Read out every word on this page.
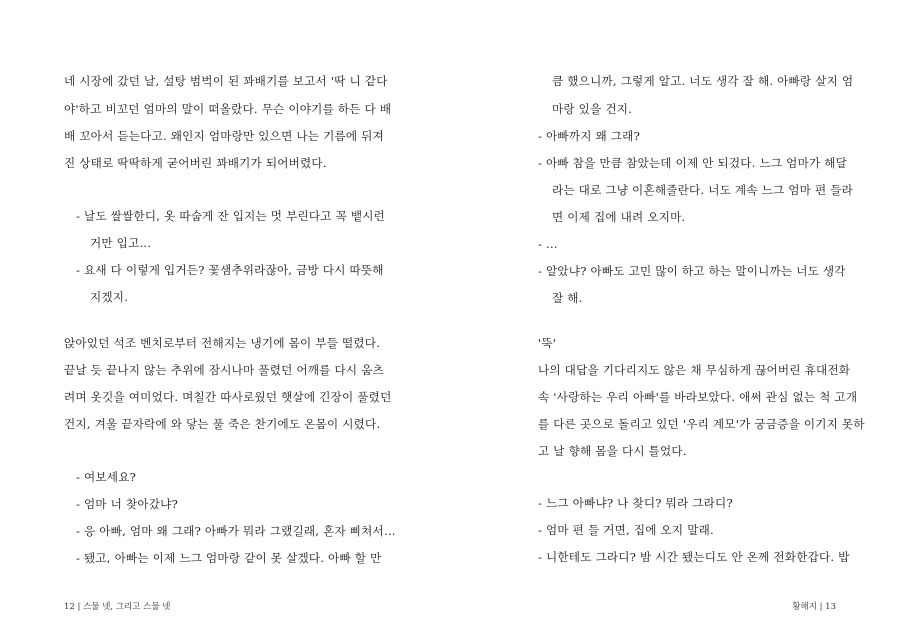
네 시장에 갔던 날, 설탕 범벅이 된 꽈배기를 보고서 '딱 니 같다
야'하고 비꼬던 엄마의 말이 떠올랐다. 무슨 이야기를 하든 다 배
배 꼬아서 듣는다고. 왜인지 엄마랑만 있으면 나는 기름에 뒤져
진 상태로 딱딱하게 굳어버린 꽈배기가 되어버렸다.
- 날도 쌀쌀한디, 옷 따숩게 잔 입지는 멋 부린다고 꼭 뱉시런
거만 입고…
- 요새 다 이렇게 입거든? 꽃샘추위라잖아, 금방 다시 따뜻해
지겠지.
앉아있던 석조 벤치로부터 전해지는 냉기에 몸이 부들 떨렸다.
끝날 듯 끝나지 않는 추위에 잠시나마 풀렸던 어깨를 다시 움츠
려며 옷깃을 여미었다. 며칠간 따사로웠던 햇살에 긴장이 풀렸던
건지, 겨울 끝자락에 와 닿는 풀 죽은 찬기에도 온몸이 시렸다.
- 여보세요?
- 엄마 너 찾아갔냐?
- 응 아빠, 엄마 왜 그래? 아빠가 뭐라 그랬길래, 혼자 삐쳐서…
- 됐고, 아빠는 이제 느그 엄마랑 같이 못 살겠다. 아빠 할 만
12 | 스물 넷, 그리고 스물 넷
큼 했으니까, 그렇게 알고. 너도 생각 잘 해. 아빠랑 살지 엄
마랑 있을 건지.
- 아빠까지 왜 그래?
- 아빠 참을 만큼 참았는데 이제 안 되겄다. 느그 엄마가 해달
라는 대로 그냥 이혼해줄란다. 너도 계속 느그 엄마 편 들라
면 이제 집에 내려 오지마.
- …
- 알았냐? 아빠도 고민 많이 하고 하는 말이니까는 너도 생각
잘 해.
'뚝'
나의 대답을 기다리지도 않은 채 무심하게 끊어버린 휴대전화
속 '사랑하는 우리 아빠'를 바라보았다. 애써 관심 없는 척 고개
를 다른 곳으로 돌리고 있던 '우리 계모'가 궁금증을 이기지 못하
고 날 향해 몸을 다시 틀었다.
- 느그 아빠냐? 나 찾디? 뭐라 그라디?
- 엄마 편 들 거면, 집에 오지 말래.
- 니한테도 그라디? 밤 시간 됐는디도 안 온께 전화한갑다. 밥
황해지 | 13
